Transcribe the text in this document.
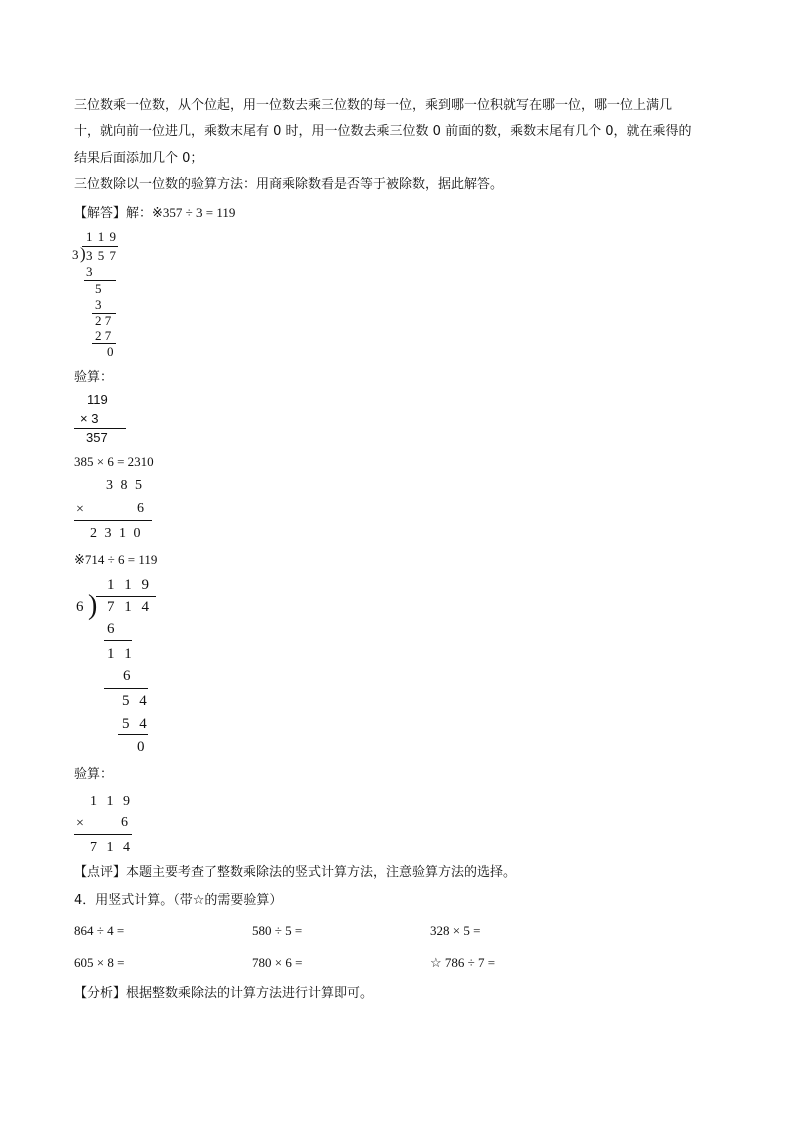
三位数乘一位数，从个位起，用一位数去乘三位数的每一位，乘到哪一位积就写在哪一位，哪一位上满几
十，就向前一位进几，乘数末尾有 0 时，用一位数去乘三位数 0 前面的数，乘数末尾有几个 0，就在乘得的
结果后面添加几个 0；
三位数除以一位数的验算方法：用商乘除数看是否等于被除数，据此解答。
【解答】解：※357 ÷ 3 = 119
1 1 9
3 ) 3 5 7
3
5
3
2 7
2 7
0
验算：
119
× 3
357
385 × 6 = 2310
3 8 5
×	6
2 3 1 0
※714 ÷ 6 = 119
1 1 9
6 ) 7 1 4
6
1 1
6
5 4
5 4
0
验算：
1 1 9
×	6
7 1 4
【点评】本题主要考查了整数乘除法的竖式计算方法，注意验算方法的选择。
4．用竖式计算。（带☆的需要验算）
864 ÷ 4 =	580 ÷ 5 =	328 × 5 =
605 × 8 =	780 × 6 =	☆ 786 ÷ 7 =
【分析】根据整数乘除法的计算方法进行计算即可。
